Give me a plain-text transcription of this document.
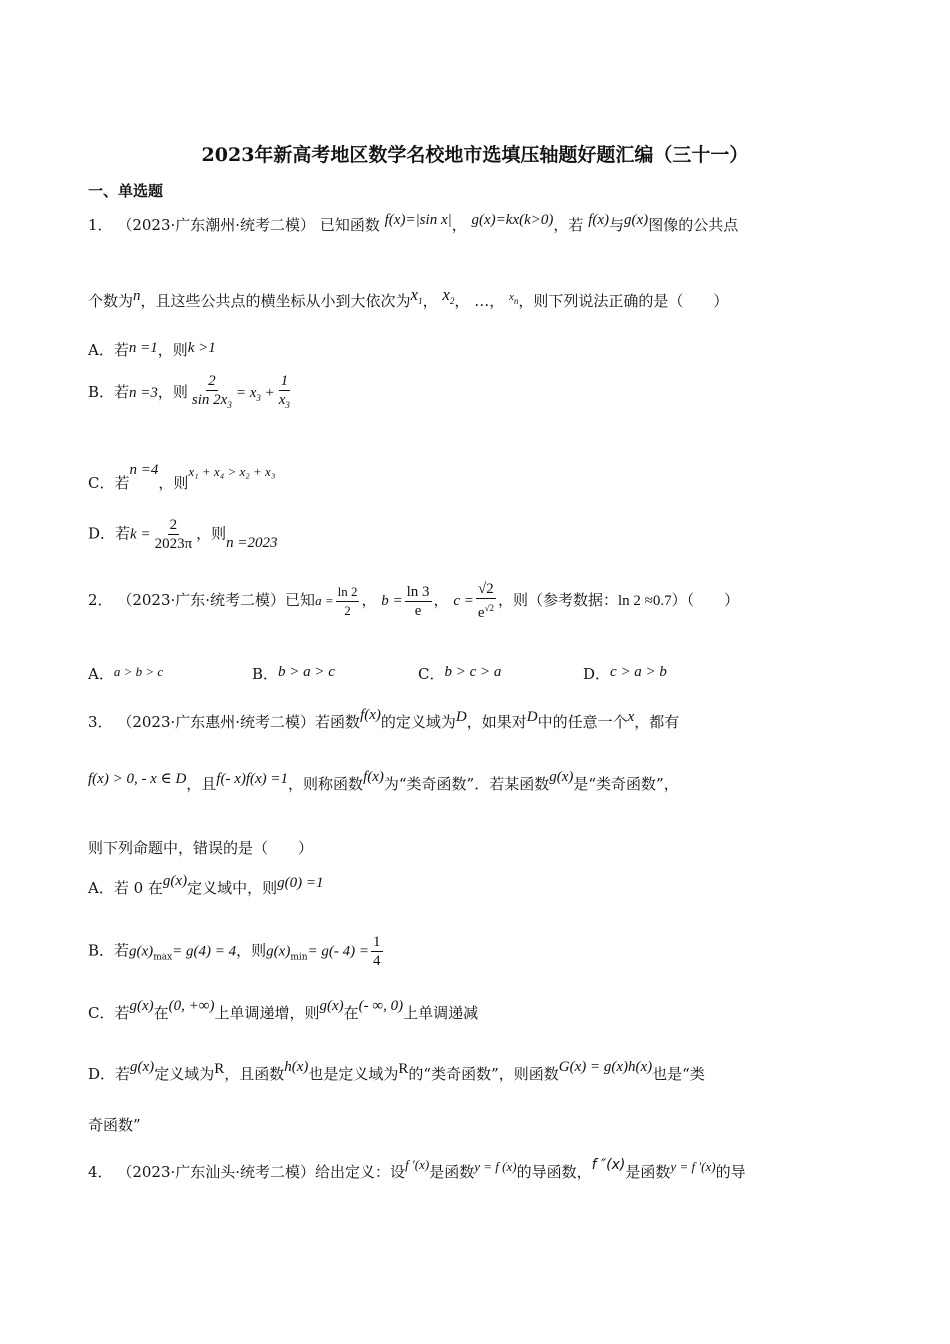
2023年新高考地区数学名校地市选填压轴题好题汇编（三十一）
一、单选题
1． （2023·广东潮州·统考二模） 已知函数 f(x)=|sin x|， g(x)=kx(k>0)，若 f(x)与g(x)图像的公共点
个数为n，且这些公共点的横坐标从小到大依次为$x_1$， $x_2$， …， $^{x_n}$，则下列说法正确的是（　　）
A．若n =1，则k >1
B．若n =3，则 $\frac{2}{\sin 2x_3} = x_3 + \frac{1}{x_3}$
C．若n =4，则x₁ + x₄ > x₂ + x₃
D．若$k = \frac{2}{2023\pi}$ ，则n =2023
2． （2023·广东·统考二模）已知$a = \frac{\ln 2}{2}$ ， $b = \frac{\ln 3}{e}$ ， $c = \frac{√2}{e^{√2}}$ ，则（参考数据：ln 2 ≈0.7）（　　）
A．a > b > c	B．b > a > c	C．b > c > a	D．c > a > b
3． （2023·广东惠州·统考二模）若函数f(x)的定义域为D，如果对D中的任意一个x，都有
f(x) > 0, - x ∈ D，且f(- x)f(x) =1，则称函数f(x)为“类奇函数”．若某函数g(x)是“类奇函数”，
则下列命题中，错误的是（　　）
A．若 0 在g(x)定义域中，则g(0) =1
B．若$g(x)_{max}= g(4) = 4$，则$g(x)_{min}= g(-$ $4) = \frac{1}{4}$
C．若g(x)在(0, +∞)上单调递增，则g(x)在(- ∞, 0)上单调递减
D．若g(x)定义域为R，且函数h(x)也是定义域为R的“类奇函数”，则函数G(x) = g(x)h(x)也是“类
奇函数”
4． （2023·广东汕头·统考二模）给出定义：设f ′(x)是函数y = f (x)的导函数，f ″(x)是函数y = f ′(x)的导
